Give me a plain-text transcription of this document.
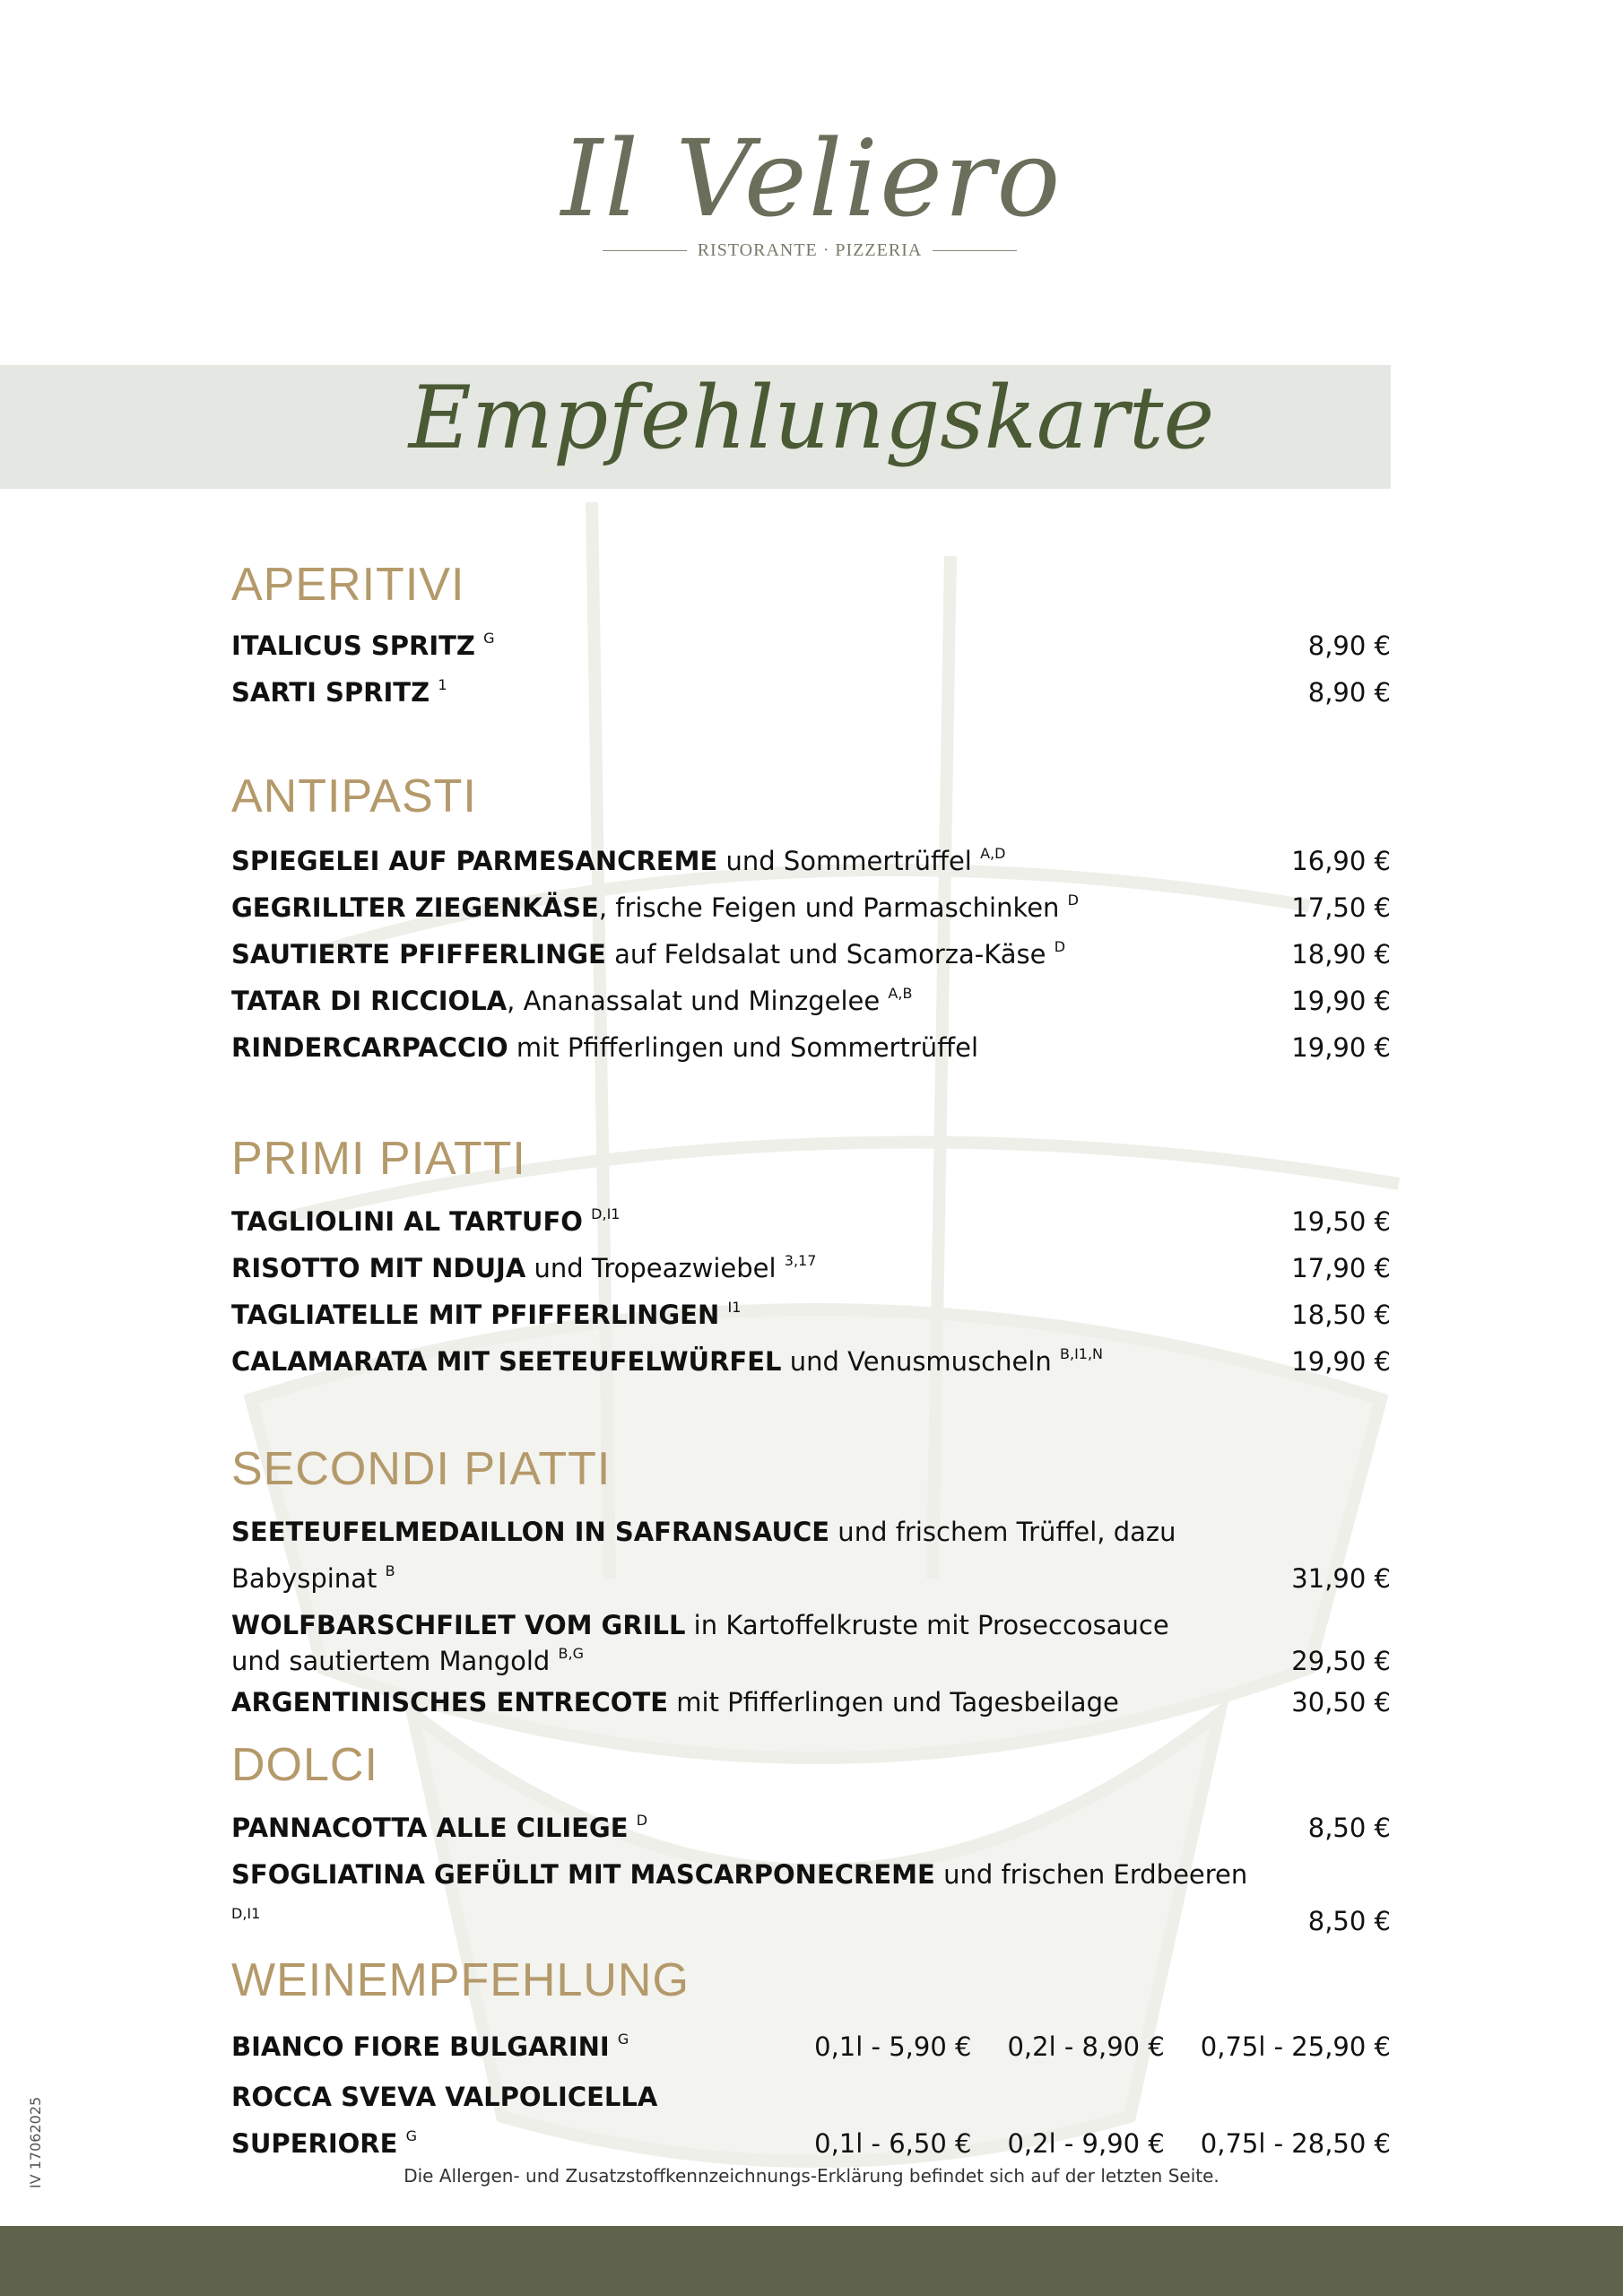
Il Veliero
RISTORANTE · PIZZERIA
Empfehlungskarte
APERITIVI
ITALICUS SPRITZ $^G$	8,90 €
SARTI SPRITZ $^1$	8,90 €
ANTIPASTI
SPIEGELEI AUF PARMESANCREME und Sommertrüffel $^{A,D}$	16,90 €
GEGRILLTER ZIEGENKÄSE, frische Feigen und Parmaschinken $^D$	17,50 €
SAUTIERTE PFIFFERLINGE auf Feldsalat und Scamorza-Käse $^D$	18,90 €
TATAR DI RICCIOLA, Ananassalat und Minzgelee $^{A,B}$	19,90 €
RINDERCARPACCIO mit Pfifferlingen und Sommertrüffel	19,90 €
PRIMI PIATTI
TAGLIOLINI AL TARTUFO $^{D,I1}$	19,50 €
RISOTTO MIT NDUJA und Tropeazwiebel $^{3,17}$	17,90 €
TAGLIATELLE MIT PFIFFERLINGEN $^{I1}$	18,50 €
CALAMARATA MIT SEETEUFELWÜRFEL und Venusmuscheln $^{B,I1,N}$	19,90 €
SECONDI PIATTI
SEETEUFELMEDAILLON IN SAFRANSAUCE und frischem Trüffel, dazu Babyspinat $^B$	31,90 €
WOLFBARSCHFILET VOM GRILL in Kartoffelkruste mit Proseccosauce
und sautiertem Mangold $^{B,G}$	29,50 €
ARGENTINISCHES ENTRECOTE mit Pfifferlingen und Tagesbeilage	30,50 €
DOLCI
PANNACOTTA ALLE CILIEGE $^D$	8,50 €
SFOGLIATINA GEFÜLLT MIT MASCARPONECREME und frischen Erdbeeren $^{D,I1}$	8,50 €
WEINEMPFEHLUNG
BIANCO FIORE BULGARINI $^G$	0,1l - 5,90 € 0,2l - 8,90 € 0,75l - 25,90 €
ROCCA SVEVA VALPOLICELLA SUPERIORE $^G$	0,1l - 6,50 € 0,2l - 9,90 € 0,75l - 28,50 €
IV 17062025	Die Allergen- und Zusatzstoffkennzeichnungs-Erklärung befindet sich auf der letzten Seite.
